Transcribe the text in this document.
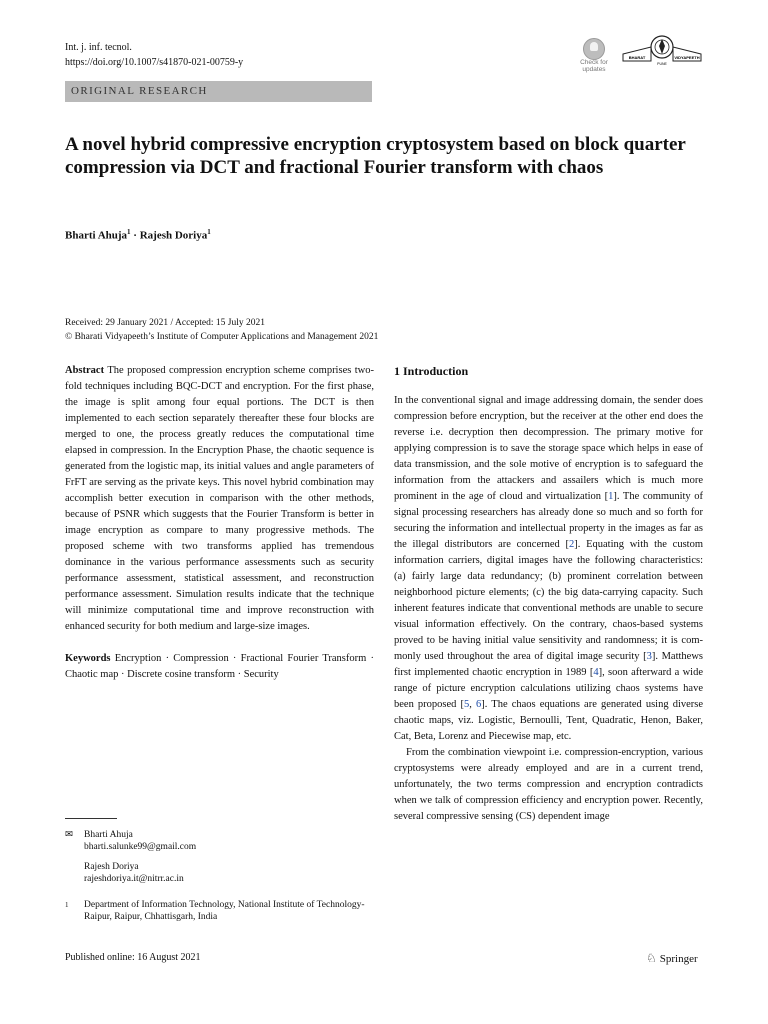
Int. j. inf. tecnol.
https://doi.org/10.1007/s41870-021-00759-y	Check for
updates
BHARAT	VIDYAPEETH
PUNE
ORIGINAL RESEARCH
A novel hybrid compressive encryption cryptosystem based on block quarter compression via DCT and fractional Fourier transform with chaos
Bharti Ahuja$^1$ · Rajesh Doriya$^1$
Received: 29 January 2021 / Accepted: 15 July 2021
© Bharati Vidyapeeth’s Institute of Computer Applications and Management 2021

Abstract The proposed compression encryption scheme comprises two-fold techniques including BQC-DCT and encryption. For the first phase, the image is split among four equal portions. The DCT is then implemented to each section separately thereafter these four blocks are merged to one, the process greatly reduces the computational time elapsed in compression. In the Encryption Phase, the chaotic sequence is generated from the logistic map, its initial values and angle parameters of FrFT are serving as the private keys. This novel hybrid combination may accomplish better execution in comparison with the other methods, because of PSNR which suggests that the Fourier Transform is better in image encryption as compare to many progressive methods. The proposed scheme with two transforms applied has tremendous dominance in the various performance assessments such as security performance assessment, statistical assessment, and reconstruction performance assessment. Simulation results indicate that the technique will minimize computational time and improve reconstruction with enhanced security for both medium and large-size images.

Keywords Encryption · Compression · Fractional Fourier Transform · Chaotic map · Discrete cosine transform · Security

1 Introduction

In the conventional signal and image addressing domain, the sender does compression before encryption, but the receiver at the other end does the reverse i.e. decryption then decompression. The primary motive for applying compression is to save the storage space which helps in ease of data transmission, and the sole motive of encryption is to safeguard the information from the attackers and assailers which is much more prominent in the age of cloud and virtualization [1]. The community of signal processing researchers has already done so much and so forth for securing the information and intellectual property in the images as far as the illegal distributors are concerned [2]. Equating with the custom information carriers, digital images have the following characteristics: (a) fairly large data redundancy; (b) prominent correlation between neighborhood picture elements; (c) the big data-carrying capacity. Such inherent features indicate that conventional methods are unable to secure visual information effectively. On the contrary, chaos-based systems proved to be having initial value sensitivity and randomness; it is commonly used throughout the area of digital image security [3]. Matthews first implemented chaotic encryption in 1989 [4], soon afterward a wide range of picture encryption calculations utilizing chaos systems have been proposed [5, 6]. The chaos equations are generated using diverse chaotic maps, viz. Logistic, Bernoulli, Tent, Quadratic, Henon, Baker, Cat, Beta, Lorenz and Piecewise map, etc.

From the combination viewpoint i.e. compression-encryption, various cryptosystems were already employed and are in a current trend, unfortunately, the two terms compression and encryption contradicts when we talk of compression efficiency and encryption power. Recently, several compressive sensing (CS) dependent image

✉ Bharti Ahuja
bharti.salunke99@gmail.com
Rajesh Doriya
rajeshdoriya.it@nitrr.ac.in
1	Department of Information Technology, National Institute of Technology-Raipur, Raipur, Chhattisgarh, India
Published online: 16 August 2021	♘ Springer
